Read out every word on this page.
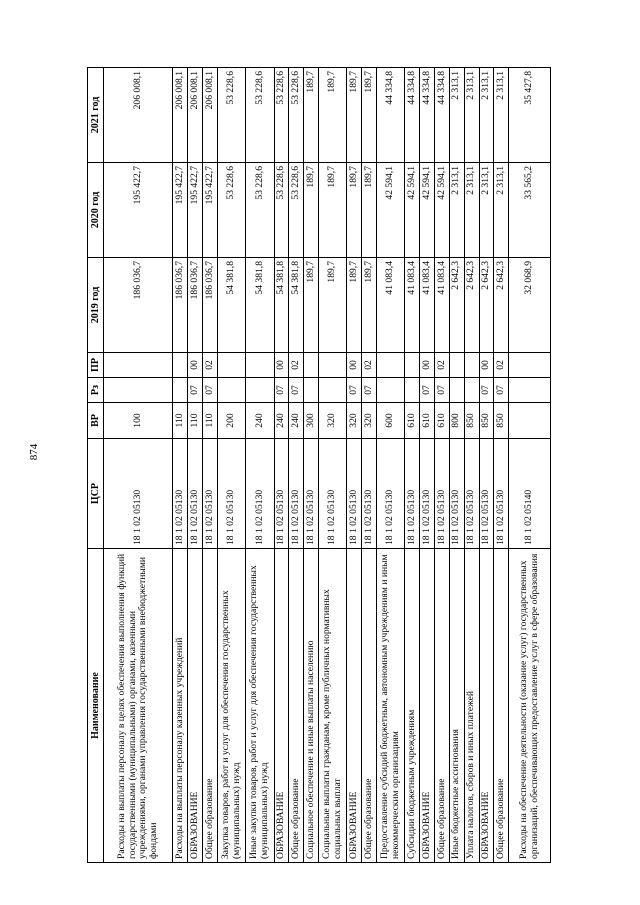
874
Наименование	ЦСР	ВР	Рз	ПР	2019 год	2020 год	2021 год
Расходы на выплаты персоналу в целях обеспечения выполнения функций государственными (муниципальными) органами, казенными учреждениями, органами управления государственными внебюджетными фондами	18 1 02 05130	100			186 036,7	195 422,7	206 008,1
Расходы на выплаты персоналу казенных учреждений	18 1 02 05130	110			186 036,7	195 422,7	206 008,1
ОБРАЗОВАНИЕ	18 1 02 05130	110	07	00	186 036,7	195 422,7	206 008,1
Общее образование	18 1 02 05130	110	07	02	186 036,7	195 422,7	206 008,1
Закупка товаров, работ и услуг для обеспечения государственных (муниципальных) нужд	18 1 02 05130	200			54 381,8	53 228,6	53 228,6
Иные закупки товаров, работ и услуг для обеспечения государственных (муниципальных) нужд	18 1 02 05130	240			54 381,8	53 228,6	53 228,6
ОБРАЗОВАНИЕ	18 1 02 05130	240	07	00	54 381,8	53 228,6	53 228,6
Общее образование	18 1 02 05130	240	07	02	54 381,8	53 228,6	53 228,6
Социальное обеспечение и иные выплаты населению	18 1 02 05130	300			189,7	189,7	189,7
Социальные выплаты гражданам, кроме публичных нормативных социальных выплат	18 1 02 05130	320			189,7	189,7	189,7
ОБРАЗОВАНИЕ	18 1 02 05130	320	07	00	189,7	189,7	189,7
Общее образование	18 1 02 05130	320	07	02	189,7	189,7	189,7
Предоставление субсидий бюджетным, автономным учреждениям и иным некоммерческим организациям	18 1 02 05130	600			41 083,4	42 594,1	44 334,8
Субсидии бюджетным учреждениям	18 1 02 05130	610			41 083,4	42 594,1	44 334,8
ОБРАЗОВАНИЕ	18 1 02 05130	610	07	00	41 083,4	42 594,1	44 334,8
Общее образование	18 1 02 05130	610	07	02	41 083,4	42 594,1	44 334,8
Иные бюджетные ассигнования	18 1 02 05130	800			2 642,3	2 313,1	2 313,1
Уплата налогов, сборов и иных платежей	18 1 02 05130	850			2 642,3	2 313,1	2 313,1
ОБРАЗОВАНИЕ	18 1 02 05130	850	07	00	2 642,3	2 313,1	2 313,1
Общее образование	18 1 02 05130	850	07	02	2 642,3	2 313,1	2 313,1
Расходы на обеспечение деятельности (оказание услуг) государственных организаций, обеспечивающих предоставление услуг в сфере образования	18 1 02 05140				32 068,9	33 565,2	35 427,8
